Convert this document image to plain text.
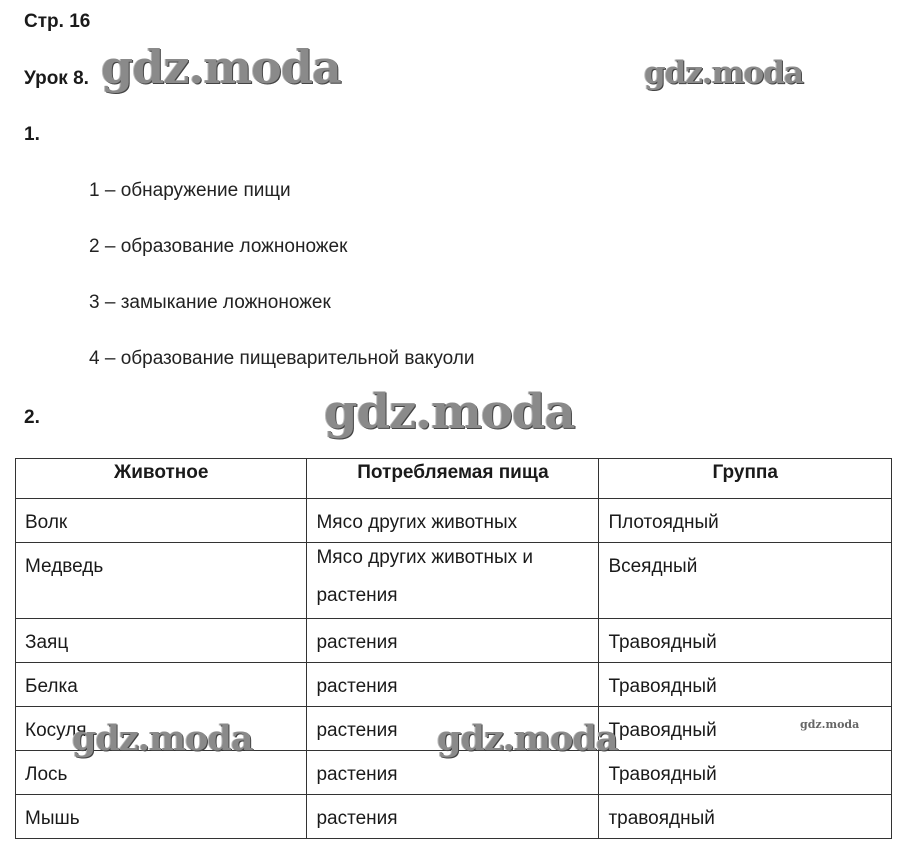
Стр. 16
Урок 8.
1.
1 – обнаружение пищи
2 – образование ложноножек
3 – замыкание ложноножек
4 – образование пищеварительной вакуоли
2.
Животное	Потребляемая пища	Группа
Волк	Мясо других животных	Плотоядный
Медведь	Мясо других животных и растения	Всеядный
Заяц	растения	Травоядный
Белка	растения	Травоядный
Косуля	растения	Травоядный
Лось	растения	Травоядный
Мышь	растения	травоядный
gdz.moda	gdz.moda
gdz.moda
gdz.moda	gdz.moda	gdz.moda
